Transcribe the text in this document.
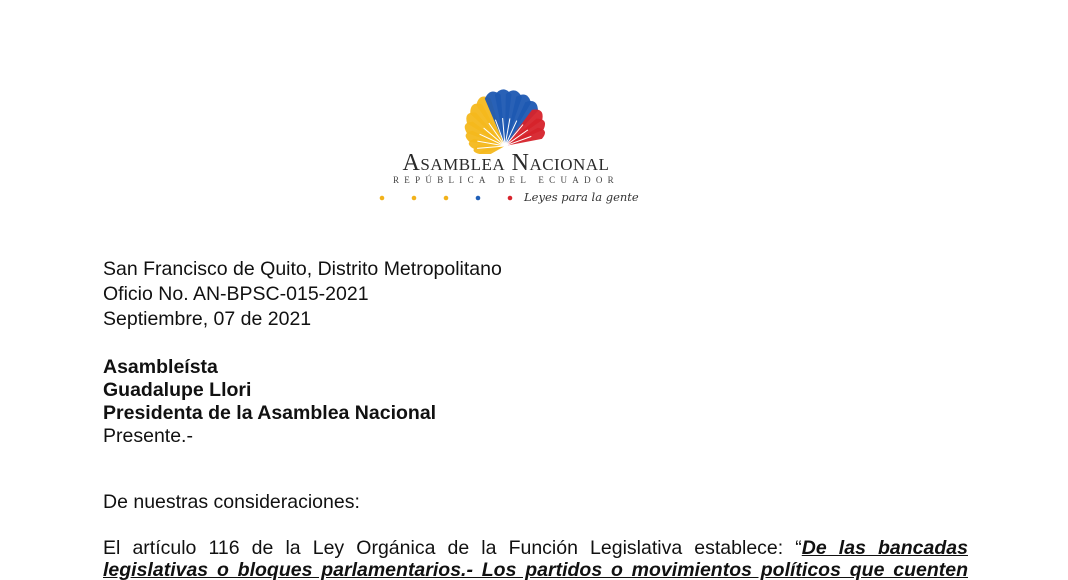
Asamblea Nacional
REPÚBLICA DEL ECUADOR
Leyes para la gente
San Francisco de Quito, Distrito Metropolitano
Oficio No. AN-BPSC-015-2021
Septiembre, 07 de 2021
Asambleísta
Guadalupe Llori
Presidenta de la Asamblea Nacional
Presente.-
De nuestras consideraciones:
El artículo 116 de la Ley Orgánica de la Función Legislativa establece: “De las bancadas
legislativas o bloques parlamentarios.- Los partidos o movimientos políticos que cuenten
